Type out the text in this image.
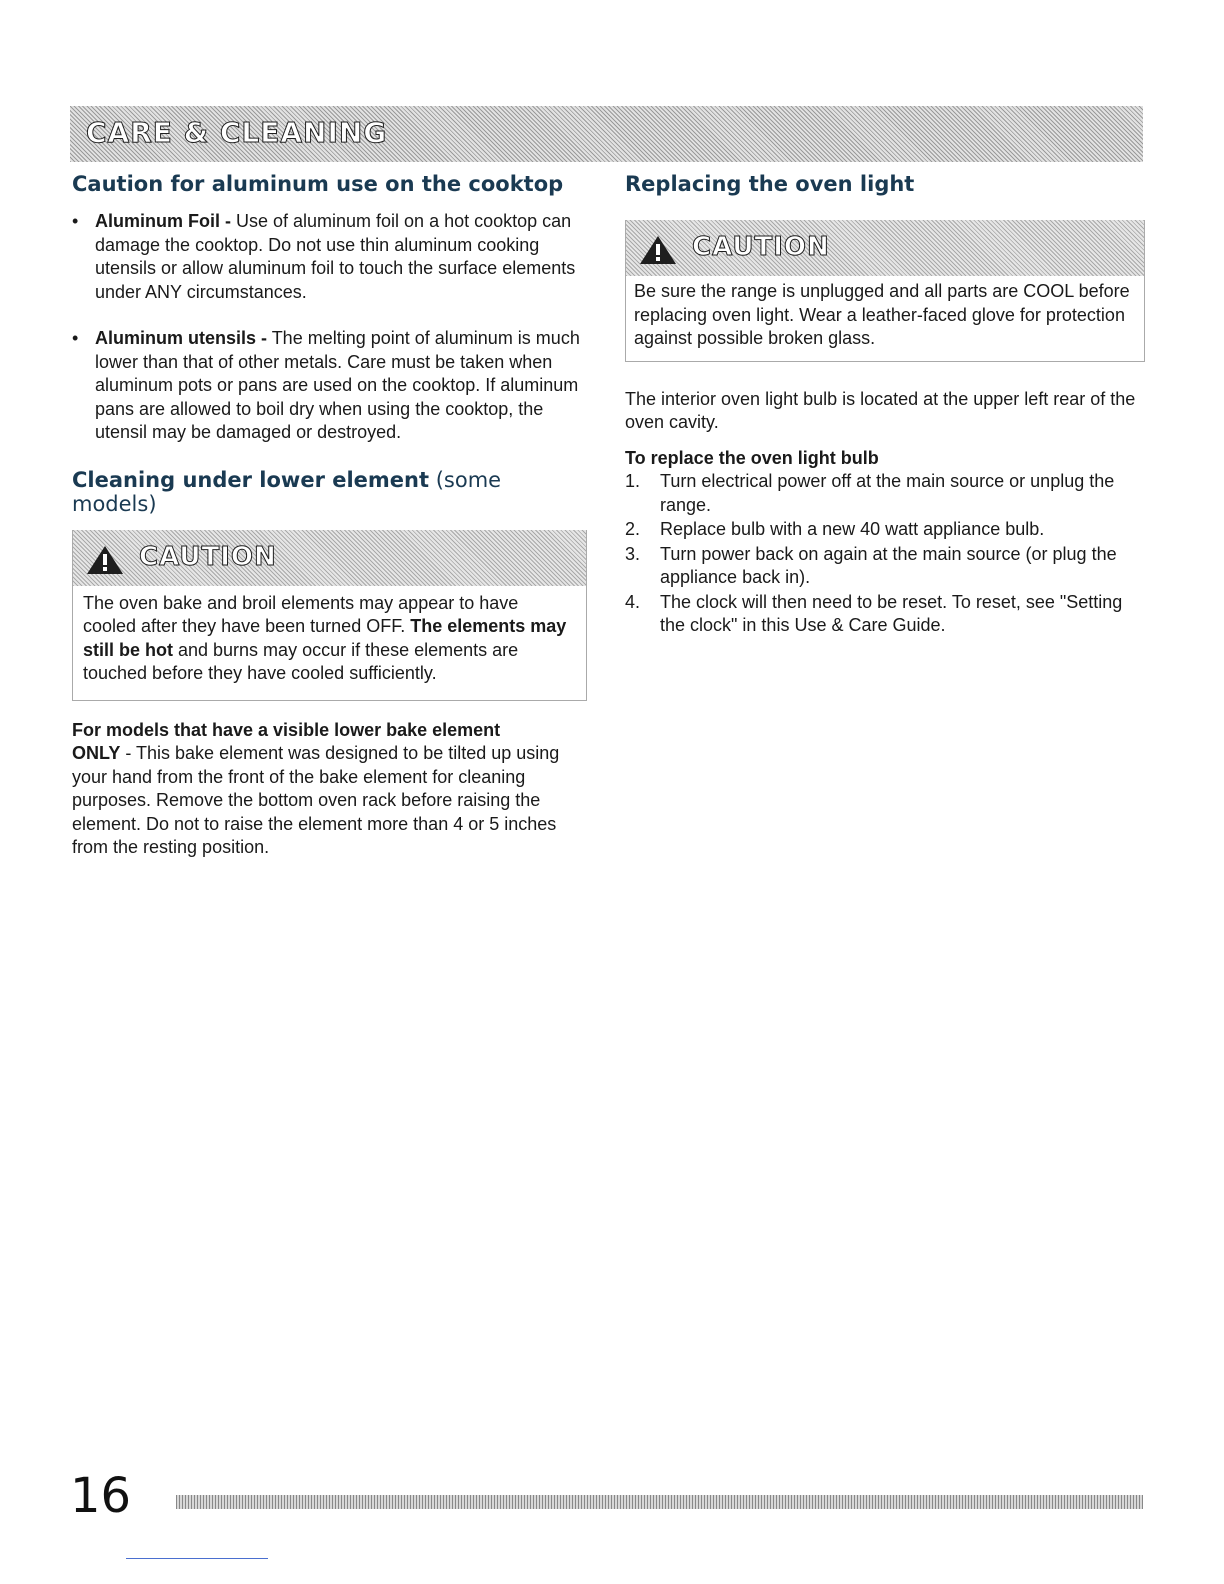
CARE & CLEANING
Caution for aluminum use on the cooktop
• Aluminum Foil - Use of aluminum foil on a hot cooktop can damage the cooktop. Do not use thin aluminum cooking utensils or allow aluminum foil to touch the surface elements under ANY circumstances.
• Aluminum utensils - The melting point of aluminum is much lower than that of other metals. Care must be taken when aluminum pots or pans are used on the cooktop. If aluminum pans are allowed to boil dry when using the cooktop, the utensil may be damaged or destroyed.
Cleaning under lower element (some models)
CAUTION
The oven bake and broil elements may appear to have cooled after they have been turned OFF. The elements may still be hot and burns may occur if these elements are touched before they have cooled sufficiently.

For models that have a visible lower bake element

ONLY - This bake element was designed to be tilted up using your hand from the front of the bake element for cleaning purposes. Remove the bottom oven rack before raising the element. Do not to raise the element more than 4 or 5 inches from the resting position.

Replacing the oven light
CAUTION
Be sure the range is unplugged and all parts are COOL before replacing oven light. Wear a leather-faced glove for protection against possible broken glass.

The interior oven light bulb is located at the upper left rear of the oven cavity.

To replace the oven light bulb

1. Turn electrical power off at the main source or unplug the range.
2. Replace bulb with a new 40 watt appliance bulb.
3. Turn power back on again at the main source (or plug the appliance back in).
4. The clock will then need to be reset. To reset, see "Setting the clock" in this Use & Care Guide.
16
